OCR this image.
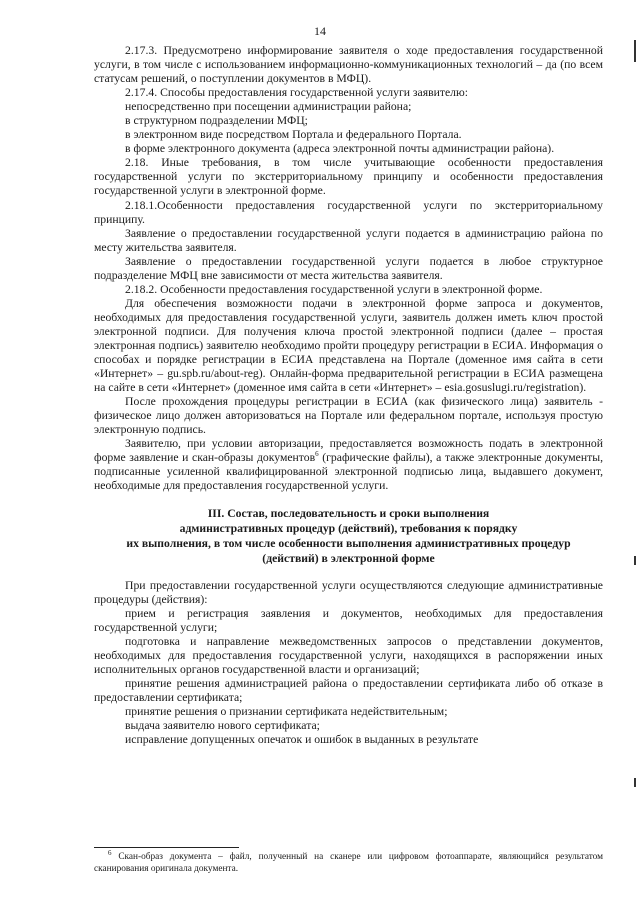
14

2.17.3. Предусмотрено информирование заявителя о ходе предоставления государственной услуги, в том числе с использованием информационно-коммуникационных технологий – да (по всем статусам решений, о поступлении документов в МФЦ).

2.17.4. Способы предоставления государственной услуги заявителю:

непосредственно при посещении администрации района;

в структурном подразделении МФЦ;

в электронном виде посредством Портала и федерального Портала.

в форме электронного документа (адреса электронной почты администрации района).

2.18. Иные требования, в том числе учитывающие особенности предоставления государственной услуги по экстерриториальному принципу и особенности предоставления государственной услуги в электронной форме.

2.18.1.Особенности предоставления государственной услуги по экстерриториальному принципу.

Заявление о предоставлении государственной услуги подается в администрацию района по месту жительства заявителя.

Заявление о предоставлении государственной услуги подается в любое структурное подразделение МФЦ вне зависимости от места жительства заявителя.

2.18.2. Особенности предоставления государственной услуги в электронной форме.

Для обеспечения возможности подачи в электронной форме запроса и документов, необходимых для предоставления государственной услуги, заявитель должен иметь ключ простой электронной подписи. Для получения ключа простой электронной подписи (далее – простая электронная подпись) заявителю необходимо пройти процедуру регистрации в ЕСИА. Информация о способах и порядке регистрации в ЕСИА представлена на Портале (доменное имя сайта в сети «Интернет» – gu.spb.ru/about-reg). Онлайн-форма предварительной регистрации в ЕСИА размещена на сайте в сети «Интернет» (доменное имя сайта в сети «Интернет» – esia.gosuslugi.ru/registration).

После прохождения процедуры регистрации в ЕСИА (как физического лица) заявитель - физическое лицо должен авторизоваться на Портале или федеральном портале, используя простую электронную подпись.

Заявителю, при условии авторизации, предоставляется возможность подать в электронной форме заявление и скан-образы документов$^6$ (графические файлы), а также электронные документы, подписанные усиленной квалифицированной электронной подписью лица, выдавшего документ, необходимые для предоставления государственной услуги.

III. Состав, последовательность и сроки выполнения
административных процедур (действий), требования к порядку
их выполнения, в том числе особенности выполнения административных процедур
(действий) в электронной форме

При предоставлении государственной услуги осуществляются следующие административные процедуры (действия):

прием и регистрация заявления и документов, необходимых для предоставления государственной услуги;

подготовка и направление межведомственных запросов о представлении документов, необходимых для предоставления государственной услуги, находящихся в распоряжении иных исполнительных органов государственной власти и организаций;

принятие решения администрацией района о предоставлении сертификата либо об отказе в предоставлении сертификата;

принятие решения о признании сертификата недействительным;

выдача заявителю нового сертификата;

исправление допущенных опечаток и ошибок в выданных в результате

$^6$ Скан-образ документа – файл, полученный на сканере или цифровом фотоаппарате, являющийся результатом сканирования оригинала документа.
